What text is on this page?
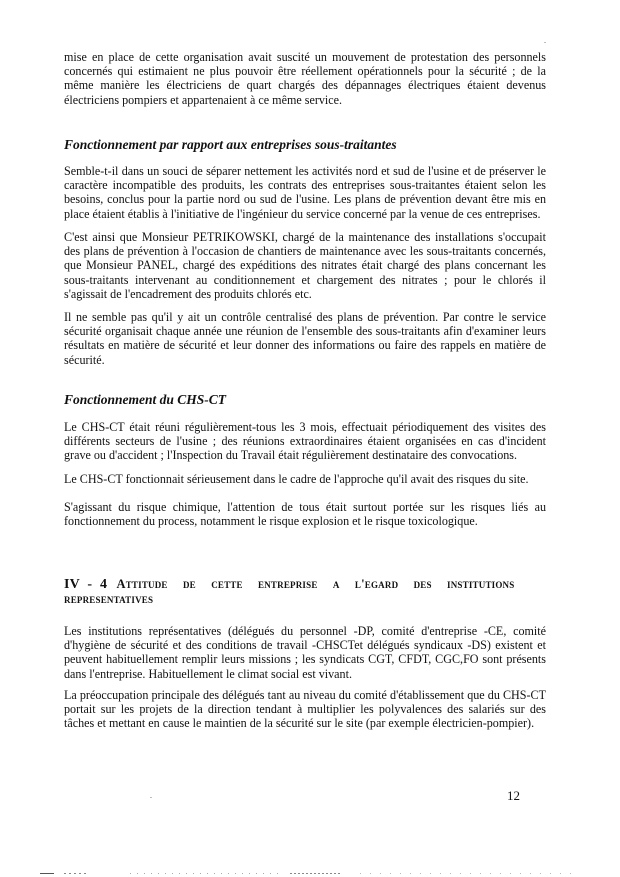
mise en place de cette organisation avait suscité un mouvement de protestation des personnels concernés qui estimaient ne plus pouvoir être réellement opérationnels pour la sécurité ; de la même manière les électriciens de quart chargés des dépannages électriques étaient devenus électriciens pompiers et appartenaient à ce même service.

Fonctionnement par rapport aux entreprises sous-traitantes

Semble-t-il dans un souci de séparer nettement les activités nord et sud de l'usine et de préserver le caractère incompatible des produits, les contrats des entreprises sous-traitantes étaient selon les besoins, conclus pour la partie nord ou sud de l'usine. Les plans de prévention devant être mis en place étaient établis à l'initiative de l'ingénieur du service concerné par la venue de ces entreprises.

C'est ainsi que Monsieur PETRIKOWSKI, chargé de la maintenance des installations s'occupait des plans de prévention à l'occasion de chantiers de maintenance avec les sous-traitants concernés, que Monsieur PANEL, chargé des expéditions des nitrates était chargé des plans concernant les sous-traitants intervenant au conditionnement et chargement des nitrates ; pour le chlorés il s'agissait de l'encadrement des produits chlorés etc.

Il ne semble pas qu'il y ait un contrôle centralisé des plans de prévention. Par contre le service sécurité organisait chaque année une réunion de l'ensemble des sous-traitants afin d'examiner leurs résultats en matière de sécurité et leur donner des informations ou faire des rappels en matière de sécurité.

Fonctionnement du CHS-CT

Le CHS-CT était réuni régulièrement-tous les 3 mois, effectuait périodiquement des visites des différents secteurs de l'usine ; des réunions extraordinaires étaient organisées en cas d'incident grave ou d'accident ; l'Inspection du Travail était régulièrement destinataire des convocations.

Le CHS-CT fonctionnait sérieusement dans le cadre de l'approche qu'il avait des risques du site.

S'agissant du risque chimique, l'attention de tous était surtout portée sur les risques liés au fonctionnement du process, notamment le risque explosion et le risque toxicologique.

IV - 4 Attitude de cette entreprise a l'egard des institutions representatives

Les institutions représentatives (délégués du personnel -DP, comité d'entreprise -CE, comité d'hygiène de sécurité et des conditions de travail -CHSCTet délégués syndicaux -DS) existent et peuvent habituellement remplir leurs missions ; les syndicats CGT, CFDT, CGC,FO sont présents dans l'entreprise. Habituellement le climat social est vivant.

La préoccupation principale des délégués tant au niveau du comité d'établissement que du CHS-CT portait sur les projets de la direction tendant à multiplier les polyvalences des salariés sur des tâches et mettant en cause le maintien de la sécurité sur le site (par exemple électricien-pompier).

12
